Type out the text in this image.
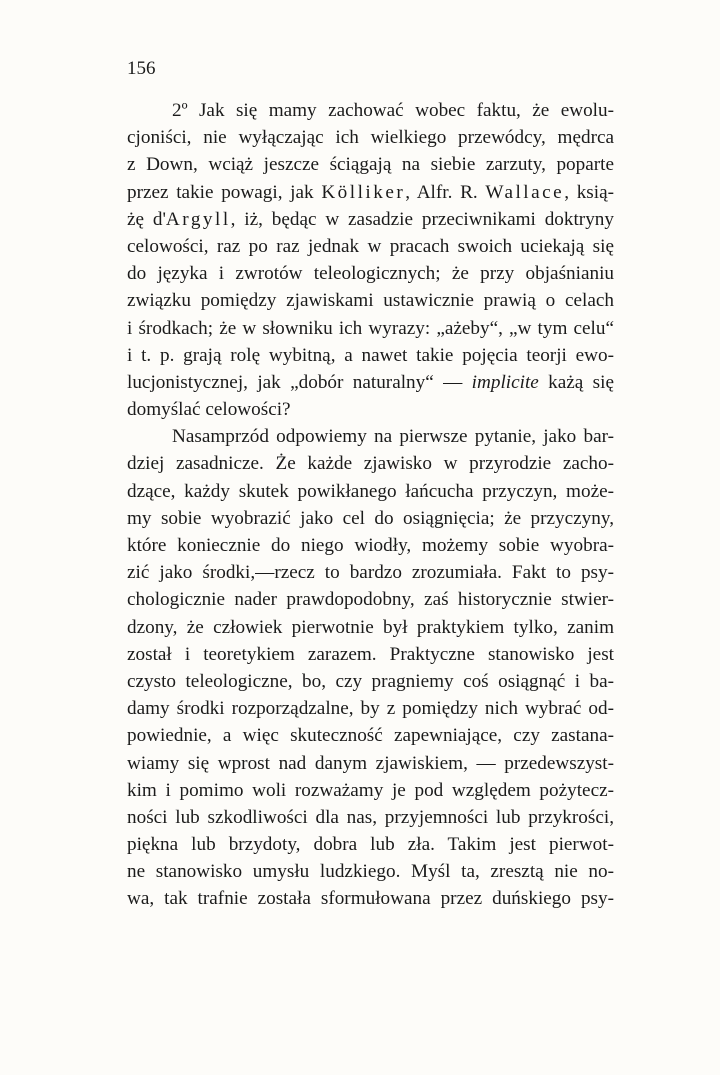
156
2º Jak się mamy zachować wobec faktu, że ewolu-
cjoniści, nie wyłączając ich wielkiego przewódcy, mędrca
z Down, wciąż jeszcze ściągają na siebie zarzuty, poparte
przez takie powagi, jak Kölliker, Alfr. R. Wallace, ksią-
żę d'Argyll, iż, będąc w zasadzie przeciwnikami doktryny
celowości, raz po raz jednak w pracach swoich uciekają się
do języka i zwrotów teleologicznych; że przy objaśnianiu
związku pomiędzy zjawiskami ustawicznie prawią o celach
i środkach; że w słowniku ich wyrazy: „ażeby“, „w tym celu“
i t. p. grają rolę wybitną, a nawet takie pojęcia teorji ewo-
lucjonistycznej, jak „dobór naturalny“ — implicite każą się
domyślać celowości?
Nasamprzód odpowiemy na pierwsze pytanie, jako bar-
dziej zasadnicze. Że każde zjawisko w przyrodzie zacho-
dzące, każdy skutek powikłanego łańcucha przyczyn, może-
my sobie wyobrazić jako cel do osiągnięcia; że przyczyny,
które koniecznie do niego wiodły, możemy sobie wyobra-
zić jako środki,—rzecz to bardzo zrozumiała. Fakt to psy-
chologicznie nader prawdopodobny, zaś historycznie stwier-
dzony, że człowiek pierwotnie był praktykiem tylko, zanim
został i teoretykiem zarazem. Praktyczne stanowisko jest
czysto teleologiczne, bo, czy pragniemy coś osiągnąć i ba-
damy środki rozporządzalne, by z pomiędzy nich wybrać od-
powiednie, a więc skuteczność zapewniające, czy zastana-
wiamy się wprost nad danym zjawiskiem, — przedewszyst-
kim i pomimo woli rozważamy je pod względem pożytecz-
ności lub szkodliwości dla nas, przyjemności lub przykrości,
piękna lub brzydoty, dobra lub zła. Takim jest pierwot-
ne stanowisko umysłu ludzkiego. Myśl ta, zresztą nie no-
wa, tak trafnie została sformułowana przez duńskiego psy-
